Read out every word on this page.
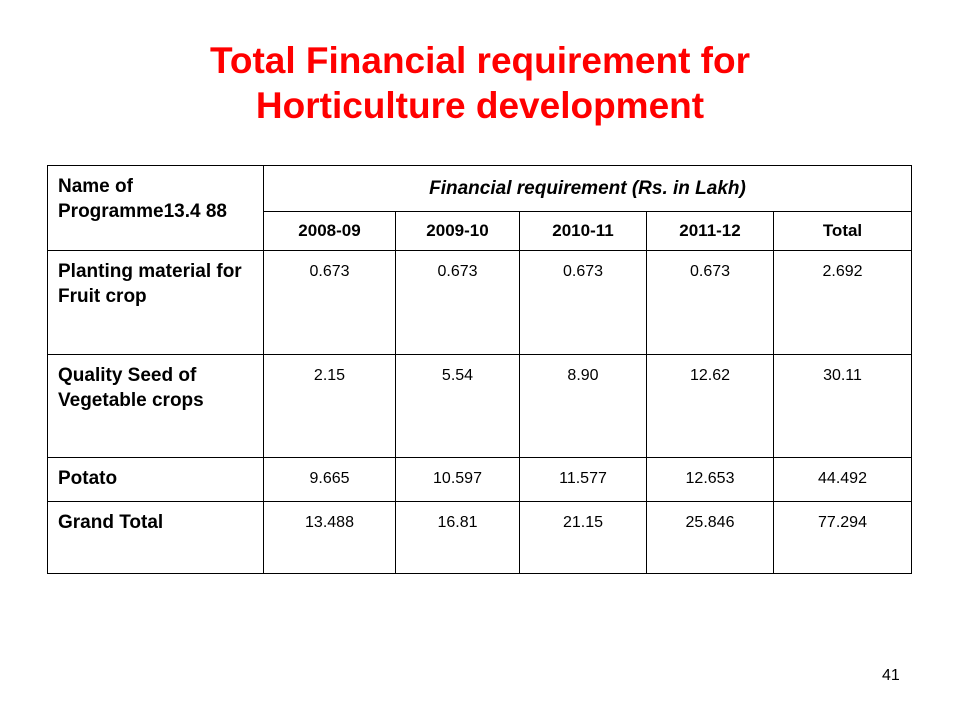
Total Financial requirement for
Horticulture development
Name of Programme13.4 88	Financial requirement (Rs. in Lakh)				
	2008-09	2009-10	2010-11	2011-12	Total
Planting material for Fruit crop	0.673	0.673	0.673	0.673	2.692
Quality Seed of Vegetable crops	2.15	5.54	8.90	12.62	30.11
Potato	9.665	10.597	11.577	12.653	44.492
Grand Total	13.488	16.81	21.15	25.846	77.294
41
